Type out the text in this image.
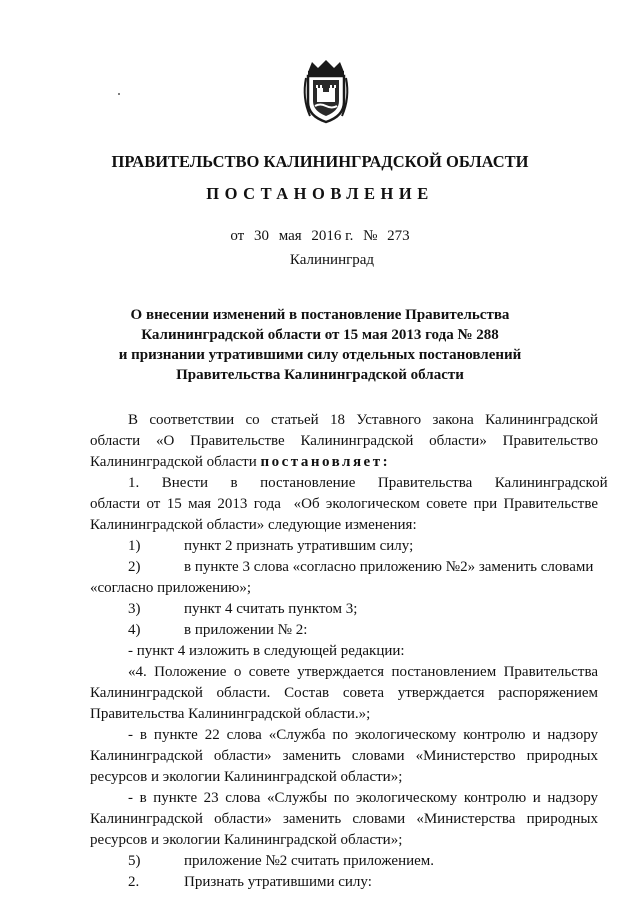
ПРАВИТЕЛЬСТВО КАЛИНИНГРАДСКОЙ ОБЛАСТИ
ПОСТАНОВЛЕНИЕ
от 30 мая 2016 г. № 273
Калининград
О внесении изменений в постановление Правительства
Калининградской области от 15 мая 2013 года № 288
и признании утратившими силу отдельных постановлений
Правительства Калининградской области
В соответствии со статьей 18 Уставного закона Калининградской
области «О Правительстве Калининградской области» Правительство
Калининградской области постановляет:
1.      Внести      в      постановление      Правительства      Калининградской
области от 15 мая 2013 года  «Об экологическом совете при Правительстве
Калининградской области» следующие изменения:
1)	пункт 2 признать утратившим силу;
2)	в пункте 3 слова «согласно приложению №2» заменить словами
«согласно приложению»;
3)	пункт 4 считать пунктом 3;
4)	в приложении № 2:
- пункт 4 изложить в следующей редакции:
«4. Положение о совете утверждается постановлением Правительства
Калининградской области. Состав совета утверждается распоряжением
Правительства Калининградской области.»;
- в пункте 22 слова «Служба по экологическому контролю и надзору
Калининградской области» заменить словами «Министерство природных
ресурсов и экологии Калининградской области»;
- в пункте 23 слова «Службы по экологическому контролю и надзору
Калининградской области» заменить словами «Министерства природных
ресурсов и экологии Калининградской области»;
5)	приложение №2 считать приложением.
2.	Признать утратившими силу:
